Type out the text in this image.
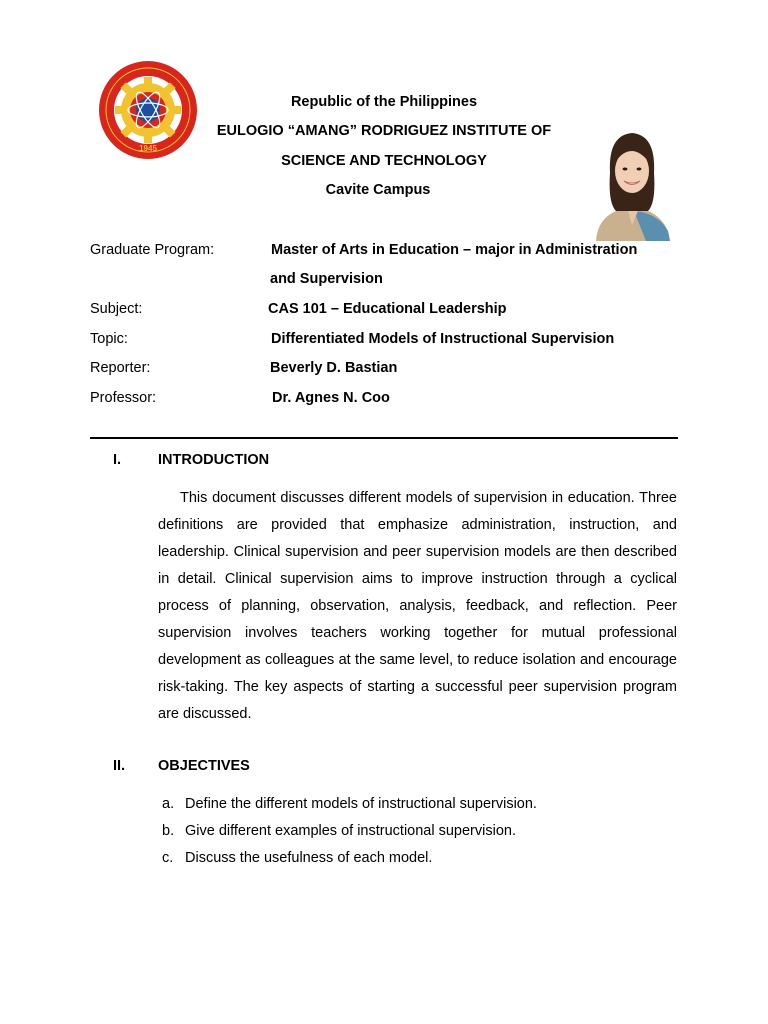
1945
Republic of the Philippines
EULOGIO “AMANG” RODRIGUEZ INSTITUTE OF
SCIENCE AND TECHNOLOGY
Cavite Campus
Graduate Program:	Master of Arts in Education – major in Administration
and Supervision
Subject:	CAS 101 – Educational Leadership
Topic:	Differentiated Models of Instructional Supervision
Reporter:	Beverly D. Bastian
Professor:	Dr. Agnes N. Coo
I.	INTRODUCTION
This document discusses different models of supervision in education. Three definitions are provided that emphasize administration, instruction, and leadership. Clinical supervision and peer supervision models are then described in detail. Clinical supervision aims to improve instruction through a cyclical process of planning, observation, analysis, feedback, and reflection. Peer supervision involves teachers working together for mutual professional development as colleagues at the same level, to reduce isolation and encourage risk-taking. The key aspects of starting a successful peer supervision program are discussed.
II. OBJECTIVES
a. Define the different models of instructional supervision.
b. Give different examples of instructional supervision.
c. Discuss the usefulness of each model.
